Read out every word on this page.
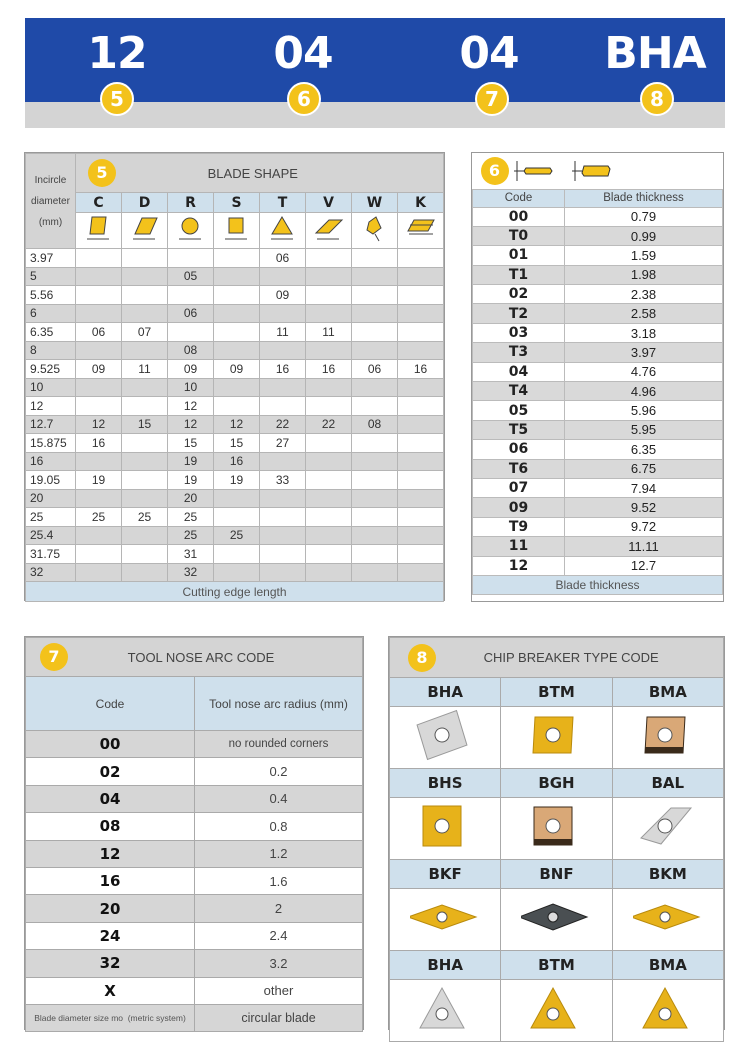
12	04	04	BHA
5	6	7	8
Incircle
diameter
(mm)	5 BLADE SHAPE							
	C	D	R	S	T	V	W	K

3.97					06			
5			05					
5.56					09			
6			06					
6.35	06	07			11	11		
8			08					
9.525	09	11	09	09	16	16	06	16
10			10					
12			12					
12.7	12	15	12	12	22	22	08	
15.875	16		15	15	27			
16			19	16				
19.05	19		19	19	33			
20			20					
25	25	25	25					
25.4			25	25				
31.75			31					
32			32					
Cutting edge length								
6	
Code	Blade thickness
00	0.79
T0	0.99
01	1.59
T1	1.98
02	2.38
T2	2.58
03	3.18
T3	3.97
04	4.76
T4	4.96
05	5.96
T5	5.95
06	6.35
T6	6.75
07	7.94
09	9.52
T9	9.72
11	11.11
12	12.7
Blade thickness	
7 TOOL NOSE ARC CODE	
Code	Tool nose arc radius (mm)
00	no rounded corners
02	0.2
04	0.4
08	0.8
12	1.2
16	1.6
20	2
24	2.4
32	3.2
X	other
Blade diameter size mo  (metric system)	circular blade
8 CHIP BREAKER TYPE CODE		
BHA	BTM	BMA

BHS	BGH	BAL

BKF	BNF	BKM

BHA	BTM	BMA
